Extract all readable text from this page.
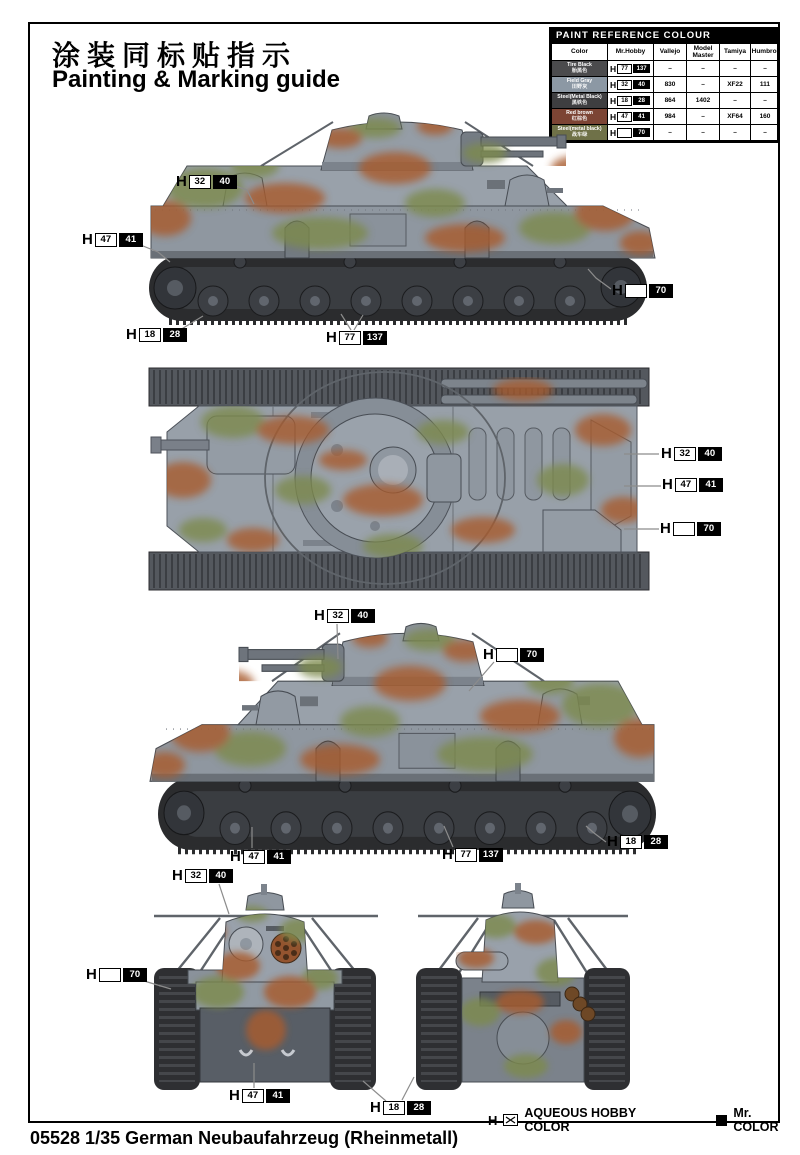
涂装同标贴指示
Painting & Marking guide
PAINT REFERENCE COLOUR
Color	Mr.Hobby	Vallejo	Model Master	Tamiya	Humbrol

Tire Black
胎黑色	H 77	137	–	–	–	–

Field Gray
田野灰	H 32	40	830	–	XF22	111

Steel(Metal Black)
黑铁色	H 18	28	864	1402	–	–

Red brown
红棕色	H 47	41	984	–	XF64	160

Steel(metal black)
战车绿	H	70	–	–	–	–
H 32	40
H 47	41
H	70
H 18	28	H 77	137
H 32	40
H 47	41
H	70
H 32	40
H	70
H 47	41	H 77	137
H 18	28
H 32	40
H	70
H 47	41
H 18	28
H AQUEOUS HOBBY COLOR
Mr. COLOR
05528 1/35 German Neubaufahrzeug (Rheinmetall)
